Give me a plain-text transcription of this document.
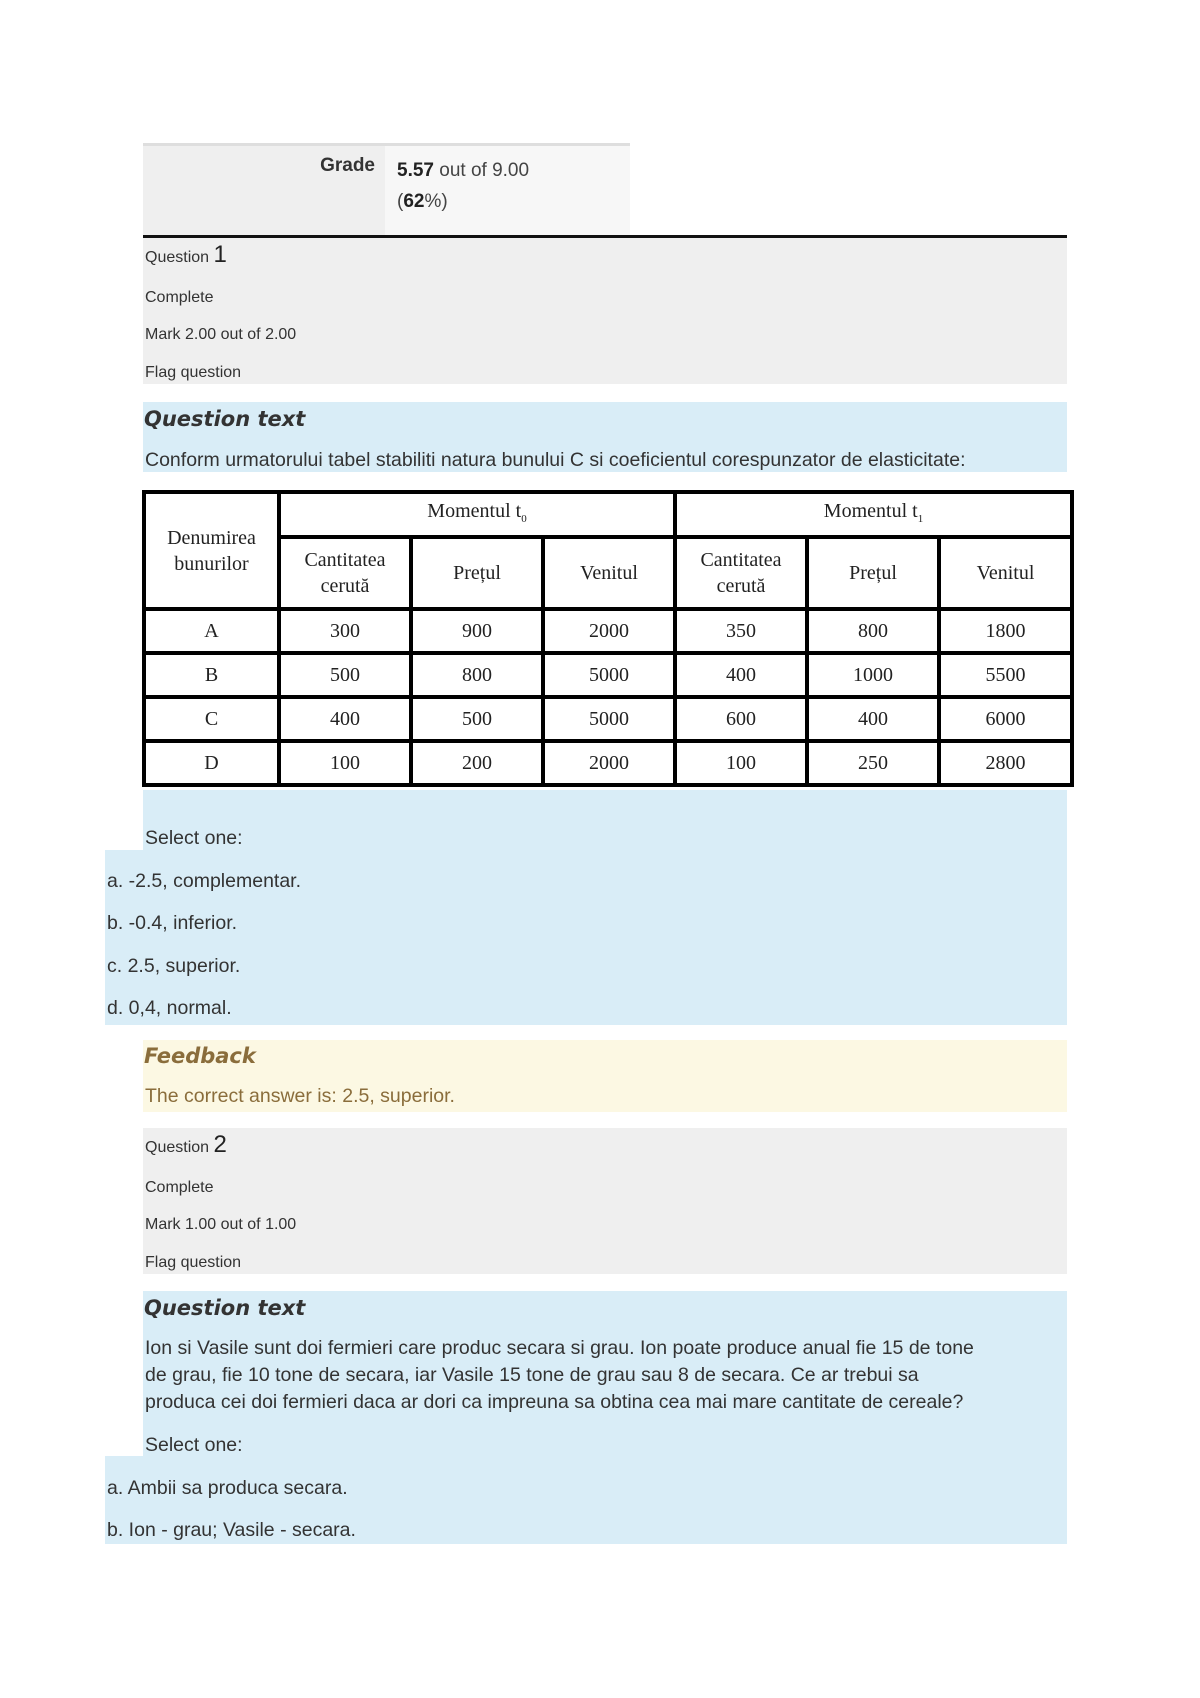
Grade 5.57 out of 9.00
(62%)
Question 1
Complete
Mark 2.00 out of 2.00
Flag question
Question text
Conform urmatorului tabel stabiliti natura bunului C si coeficientul corespunzator de elasticitate:
Denumirea bunurilor	Momentul $t_0$			Momentul $t_1$
	Cantitatea cerută	Prețul	Venitul	Cantitatea cerută	Prețul	Venitul
A	300	900	2000	350	800	1800
B	500	800	5000	400	1000	5500
C	400	500	5000	600	400	6000
D	100	200	2000	100	250	2800
Select one:
a. -2.5, complementar.
b. -0.4, inferior.
c. 2.5, superior.
d. 0,4, normal.
Feedback
The correct answer is: 2.5, superior.
Question 2
Complete
Mark 1.00 out of 1.00
Flag question
Question text
Ion si Vasile sunt doi fermieri care produc secara si grau. Ion poate produce anual fie 15 de tone
de grau, fie 10 tone de secara, iar Vasile 15 tone de grau sau 8 de secara. Ce ar trebui sa
produca cei doi fermieri daca ar dori ca impreuna sa obtina cea mai mare cantitate de cereale?
Select one:
a. Ambii sa produca secara.
b. Ion - grau; Vasile - secara.
